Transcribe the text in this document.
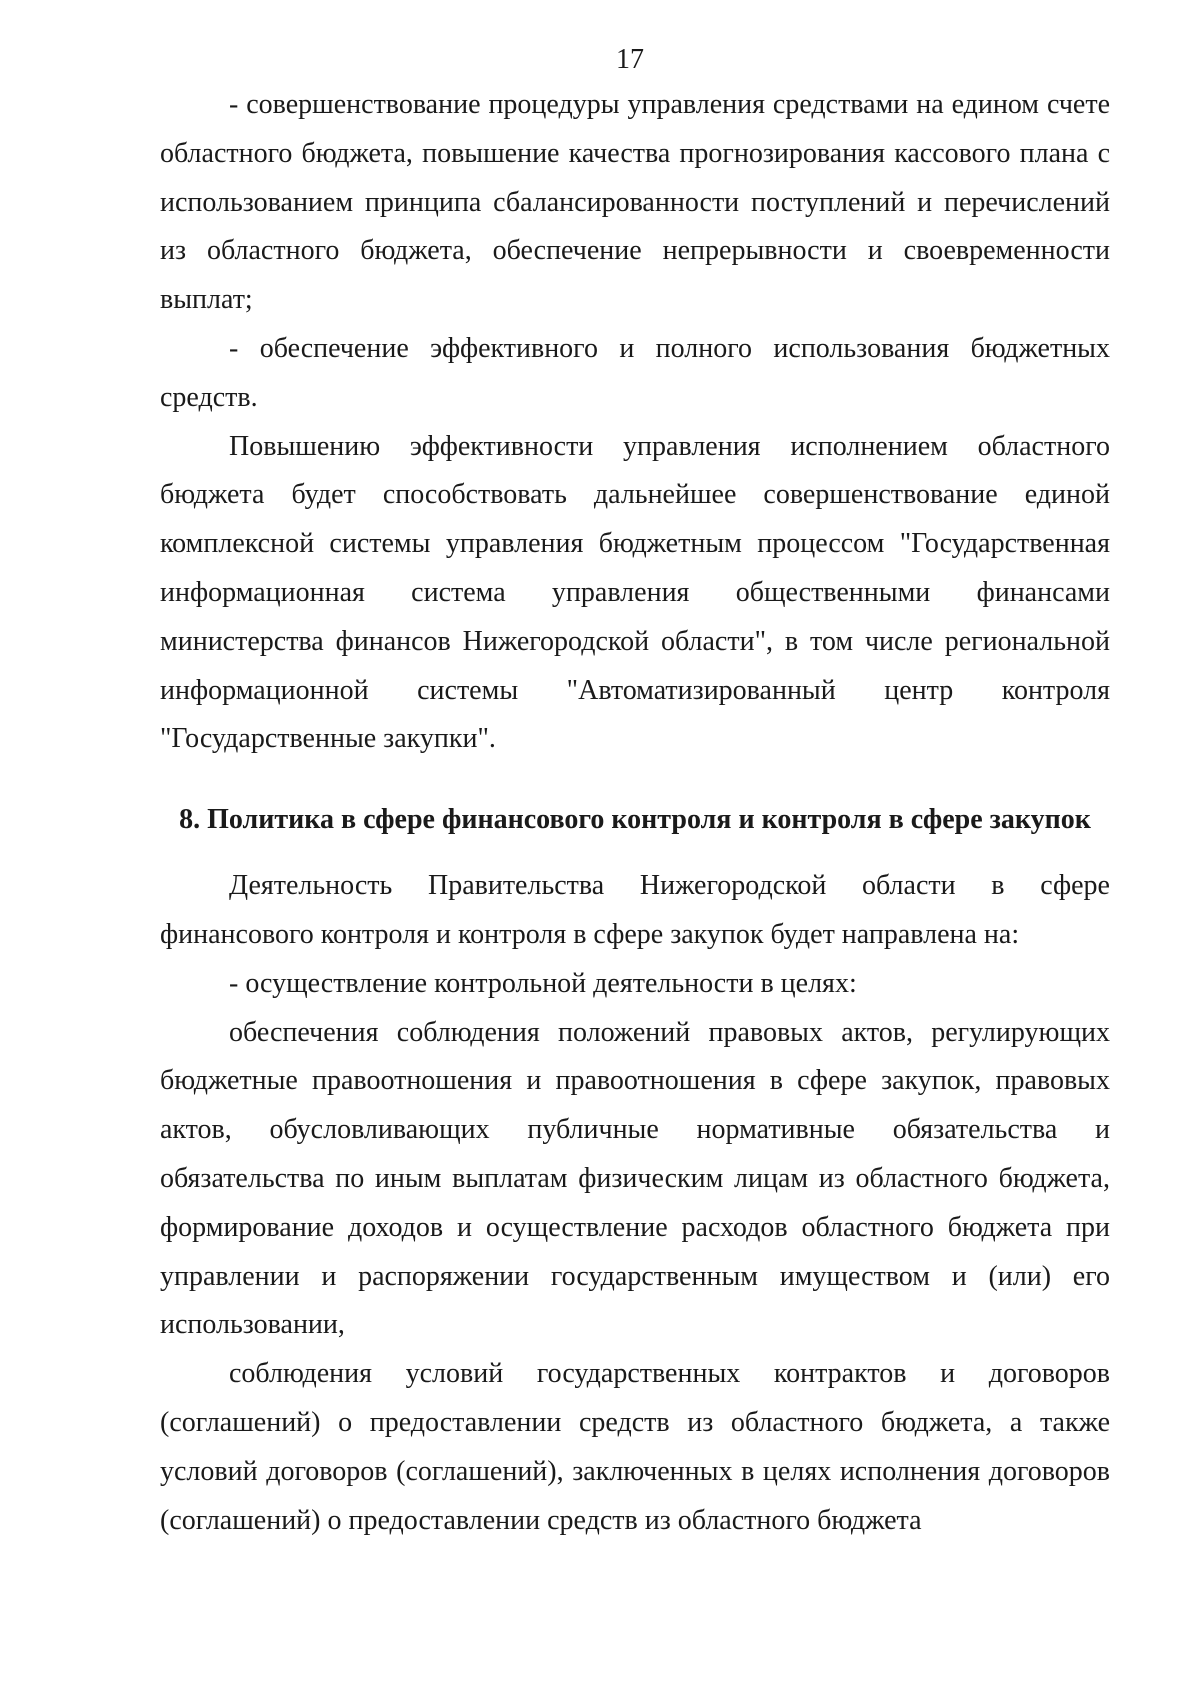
17

- совершенствование процедуры управления средствами на едином счете областного бюджета, повышение качества прогнозирования кассового плана с использованием принципа сбалансированности поступлений и перечислений из областного бюджета, обеспечение непрерывности и своевременности выплат;

- обеспечение эффективного и полного использования бюджетных средств.

Повышению эффективности управления исполнением областного бюджета будет способствовать дальнейшее совершенствование единой комплексной системы управления бюджетным процессом "Государственная информационная система управления общественными финансами министерства финансов Нижегородской области", в том числе региональной информационной системы "Автоматизированный центр контроля "Государственные закупки".

8. Политика в сфере финансового контроля и контроля в сфере закупок

Деятельность Правительства Нижегородской области в сфере финансового контроля и контроля в сфере закупок будет направлена на:

- осуществление контрольной деятельности в целях:

обеспечения соблюдения положений правовых актов, регулирующих бюджетные правоотношения и правоотношения в сфере закупок, правовых актов, обусловливающих публичные нормативные обязательства и обязательства по иным выплатам физическим лицам из областного бюджета, формирование доходов и осуществление расходов областного бюджета при управлении и распоряжении государственным имуществом и (или) его использовании,

соблюдения условий государственных контрактов и договоров (соглашений) о предоставлении средств из областного бюджета, а также условий договоров (соглашений), заключенных в целях исполнения договоров (соглашений) о предоставлении средств из областного бюджета
